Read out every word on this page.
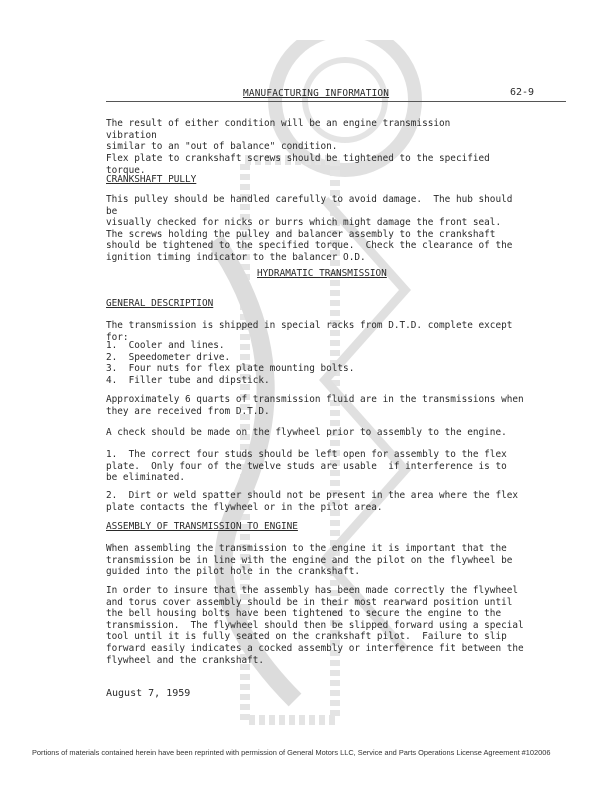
MANUFACTURING INFORMATION	62-9
The result of either condition will be an engine transmission vibration
similar to an "out of balance" condition.
Flex plate to crankshaft screws should be tightened to the specified torque.
CRANKSHAFT PULLY
This pulley should be handled carefully to avoid damage.  The hub should be
visually checked for nicks or burrs which might damage the front seal.
The screws holding the pulley and balancer assembly to the crankshaft
should be tightened to the specified torque.  Check the clearance of the
ignition timing indicator to the balancer O.D.
HYDRAMATIC TRANSMISSION
GENERAL DESCRIPTION
The transmission is shipped in special racks from D.T.D. complete except for:
1.  Cooler and lines.
2.  Speedometer drive.
3.  Four nuts for flex plate mounting bolts.
4.  Filler tube and dipstick.
Approximately 6 quarts of transmission fluid are in the transmissions when
they are received from D.T.D.
A check should be made on the flywheel prior to assembly to the engine.
1.  The correct four studs should be left open for assembly to the flex
plate.  Only four of the twelve studs are usable  if interference is to
be eliminated.
2.  Dirt or weld spatter should not be present in the area where the flex
plate contacts the flywheel or in the pilot area.
ASSEMBLY OF TRANSMISSION TO ENGINE
When assembling the transmission to the engine it is important that the
transmission be in line with the engine and the pilot on the flywheel be
guided into the pilot hole in the crankshaft.
In order to insure that the assembly has been made correctly the flywheel
and torus cover assembly should be in their most rearward position until
the bell housing bolts have been tightened to secure the engine to the
transmission.  The flywheel should then be slipped forward using a special
tool until it is fully seated on the crankshaft pilot.  Failure to slip
forward easily indicates a cocked assembly or interference fit between the
flywheel and the crankshaft.
August 7, 1959
Portions of materials contained herein have been reprinted with permission of General Motors LLC, Service and Parts Operations License Agreement #102006
